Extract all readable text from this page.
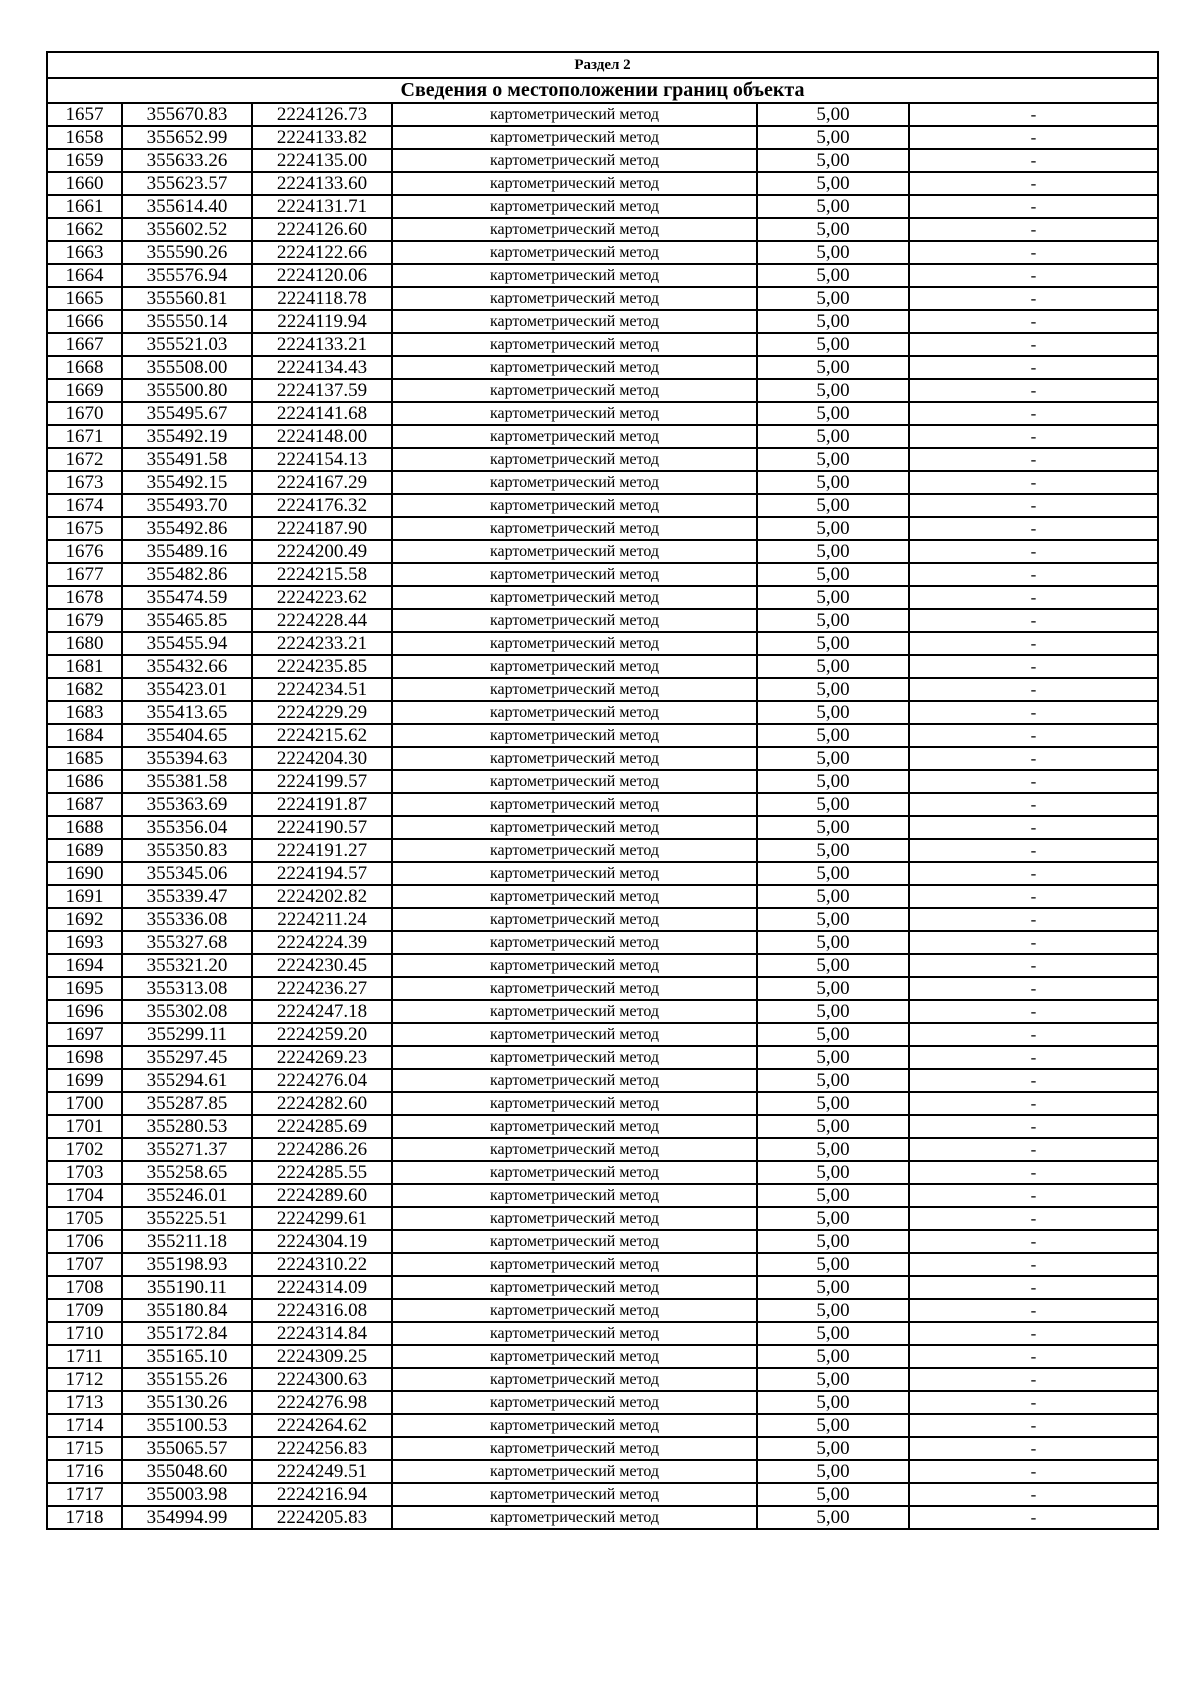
Раздел 2					
Сведения о местоположении границ объекта					
1657	355670.83	2224126.73	картометрический метод	5,00	-
1658	355652.99	2224133.82	картометрический метод	5,00	-
1659	355633.26	2224135.00	картометрический метод	5,00	-
1660	355623.57	2224133.60	картометрический метод	5,00	-
1661	355614.40	2224131.71	картометрический метод	5,00	-
1662	355602.52	2224126.60	картометрический метод	5,00	-
1663	355590.26	2224122.66	картометрический метод	5,00	-
1664	355576.94	2224120.06	картометрический метод	5,00	-
1665	355560.81	2224118.78	картометрический метод	5,00	-
1666	355550.14	2224119.94	картометрический метод	5,00	-
1667	355521.03	2224133.21	картометрический метод	5,00	-
1668	355508.00	2224134.43	картометрический метод	5,00	-
1669	355500.80	2224137.59	картометрический метод	5,00	-
1670	355495.67	2224141.68	картометрический метод	5,00	-
1671	355492.19	2224148.00	картометрический метод	5,00	-
1672	355491.58	2224154.13	картометрический метод	5,00	-
1673	355492.15	2224167.29	картометрический метод	5,00	-
1674	355493.70	2224176.32	картометрический метод	5,00	-
1675	355492.86	2224187.90	картометрический метод	5,00	-
1676	355489.16	2224200.49	картометрический метод	5,00	-
1677	355482.86	2224215.58	картометрический метод	5,00	-
1678	355474.59	2224223.62	картометрический метод	5,00	-
1679	355465.85	2224228.44	картометрический метод	5,00	-
1680	355455.94	2224233.21	картометрический метод	5,00	-
1681	355432.66	2224235.85	картометрический метод	5,00	-
1682	355423.01	2224234.51	картометрический метод	5,00	-
1683	355413.65	2224229.29	картометрический метод	5,00	-
1684	355404.65	2224215.62	картометрический метод	5,00	-
1685	355394.63	2224204.30	картометрический метод	5,00	-
1686	355381.58	2224199.57	картометрический метод	5,00	-
1687	355363.69	2224191.87	картометрический метод	5,00	-
1688	355356.04	2224190.57	картометрический метод	5,00	-
1689	355350.83	2224191.27	картометрический метод	5,00	-
1690	355345.06	2224194.57	картометрический метод	5,00	-
1691	355339.47	2224202.82	картометрический метод	5,00	-
1692	355336.08	2224211.24	картометрический метод	5,00	-
1693	355327.68	2224224.39	картометрический метод	5,00	-
1694	355321.20	2224230.45	картометрический метод	5,00	-
1695	355313.08	2224236.27	картометрический метод	5,00	-
1696	355302.08	2224247.18	картометрический метод	5,00	-
1697	355299.11	2224259.20	картометрический метод	5,00	-
1698	355297.45	2224269.23	картометрический метод	5,00	-
1699	355294.61	2224276.04	картометрический метод	5,00	-
1700	355287.85	2224282.60	картометрический метод	5,00	-
1701	355280.53	2224285.69	картометрический метод	5,00	-
1702	355271.37	2224286.26	картометрический метод	5,00	-
1703	355258.65	2224285.55	картометрический метод	5,00	-
1704	355246.01	2224289.60	картометрический метод	5,00	-
1705	355225.51	2224299.61	картометрический метод	5,00	-
1706	355211.18	2224304.19	картометрический метод	5,00	-
1707	355198.93	2224310.22	картометрический метод	5,00	-
1708	355190.11	2224314.09	картометрический метод	5,00	-
1709	355180.84	2224316.08	картометрический метод	5,00	-
1710	355172.84	2224314.84	картометрический метод	5,00	-
1711	355165.10	2224309.25	картометрический метод	5,00	-
1712	355155.26	2224300.63	картометрический метод	5,00	-
1713	355130.26	2224276.98	картометрический метод	5,00	-
1714	355100.53	2224264.62	картометрический метод	5,00	-
1715	355065.57	2224256.83	картометрический метод	5,00	-
1716	355048.60	2224249.51	картометрический метод	5,00	-
1717	355003.98	2224216.94	картометрический метод	5,00	-
1718	354994.99	2224205.83	картометрический метод	5,00	-
